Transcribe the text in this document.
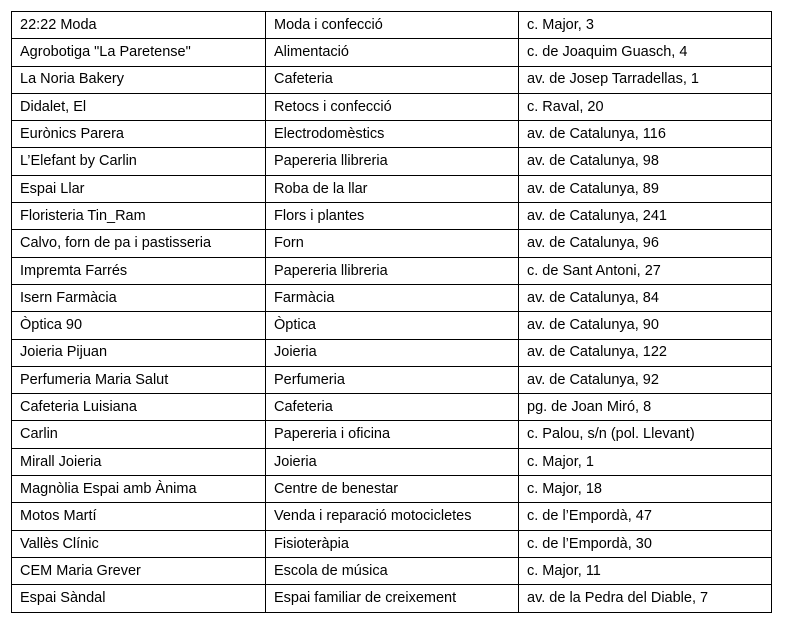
22:22 Moda	Moda i confecció	c. Major, 3
Agrobotiga "La Paretense"	Alimentació	c. de Joaquim Guasch, 4
La Noria Bakery	Cafeteria	av. de Josep Tarradellas, 1
Didalet, El	Retocs i confecció	c. Raval, 20
Eurònics Parera	Electrodomèstics	av. de Catalunya, 116
L’Elefant by Carlin	Papereria llibreria	av. de Catalunya, 98
Espai Llar	Roba de la llar	av. de Catalunya, 89
Floristeria Tin_Ram	Flors i plantes	av. de Catalunya, 241
Calvo, forn de pa i pastisseria	Forn	av. de Catalunya, 96
Impremta Farrés	Papereria llibreria	c. de Sant Antoni, 27
Isern Farmàcia	Farmàcia	av. de Catalunya, 84
Òptica 90	Òptica	av. de Catalunya, 90
Joieria Pijuan	Joieria	av. de Catalunya, 122
Perfumeria Maria Salut	Perfumeria	av. de Catalunya, 92
Cafeteria Luisiana	Cafeteria	pg. de Joan Miró, 8
Carlin	Papereria i oficina	c. Palou, s/n (pol. Llevant)
Mirall Joieria	Joieria	c. Major, 1
Magnòlia Espai amb Ànima	Centre de benestar	c. Major, 18
Motos Martí	Venda i reparació motocicletes	c. de l’Empordà, 47
Vallès Clínic	Fisioteràpia	c. de l’Empordà, 30
CEM Maria Grever	Escola de música	c. Major, 11
Espai Sàndal	Espai familiar de creixement	av. de la Pedra del Diable, 7
